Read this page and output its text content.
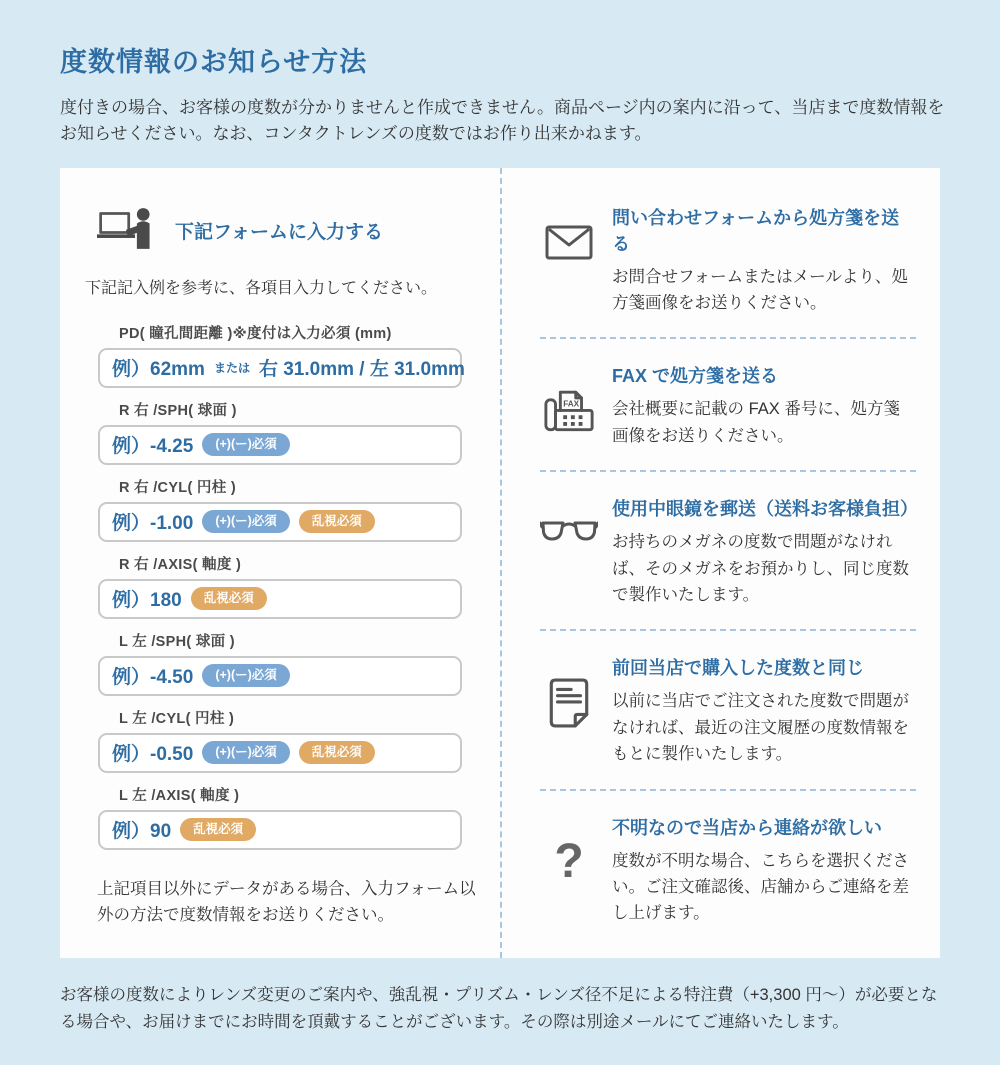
度数情報のお知らせ方法

度付きの場合、お客様の度数が分かりませんと作成できません。商品ページ内の案内に沿って、当店まで度数情報をお知らせください。なお、コンタクトレンズの度数ではお作り出来かねます。

下記フォームに入力する

下記記入例を参考に、各項目入力してください。

PD( 瞳孔間距離 )※度付は入力必須 (mm)
例）62mm または 右 31.0mm / 左 31.0mm
R 右 /SPH( 球面 )
例）-4.25	(+)(ー)必須
R 右 /CYL( 円柱 )
例）-1.00	(+)(ー)必須	乱視必須
R 右 /AXIS( 軸度 )
例）180	乱視必須
L 左 /SPH( 球面 )
例）-4.50	(+)(ー)必須
L 左 /CYL( 円柱 )
例）-0.50	(+)(ー)必須	乱視必須
L 左 /AXIS( 軸度 )
例）90	乱視必須

上記項目以外にデータがある場合、入力フォーム以外の方法で度数情報をお送りください。

問い合わせフォームから処方箋を送る

お問合せフォームまたはメールより、処方箋画像をお送りください。

FAX

FAX で処方箋を送る

会社概要に記載の FAX 番号に、処方箋画像をお送りください。

使用中眼鏡を郵送（送料お客様負担）

お持ちのメガネの度数で問題がなければ、そのメガネをお預かりし、同じ度数で製作いたします。

前回当店で購入した度数と同じ

以前に当店でご注文された度数で問題がなければ、最近の注文履歴の度数情報をもとに製作いたします。

?

不明なので当店から連絡が欲しい

度数が不明な場合、こちらを選択ください。ご注文確認後、店舗からご連絡を差し上げます。

お客様の度数によりレンズ変更のご案内や、強乱視・プリズム・レンズ径不足による特注費（+3,300 円～）が必要となる場合や、お届けまでにお時間を頂戴することがございます。その際は別途メールにてご連絡いたします。
